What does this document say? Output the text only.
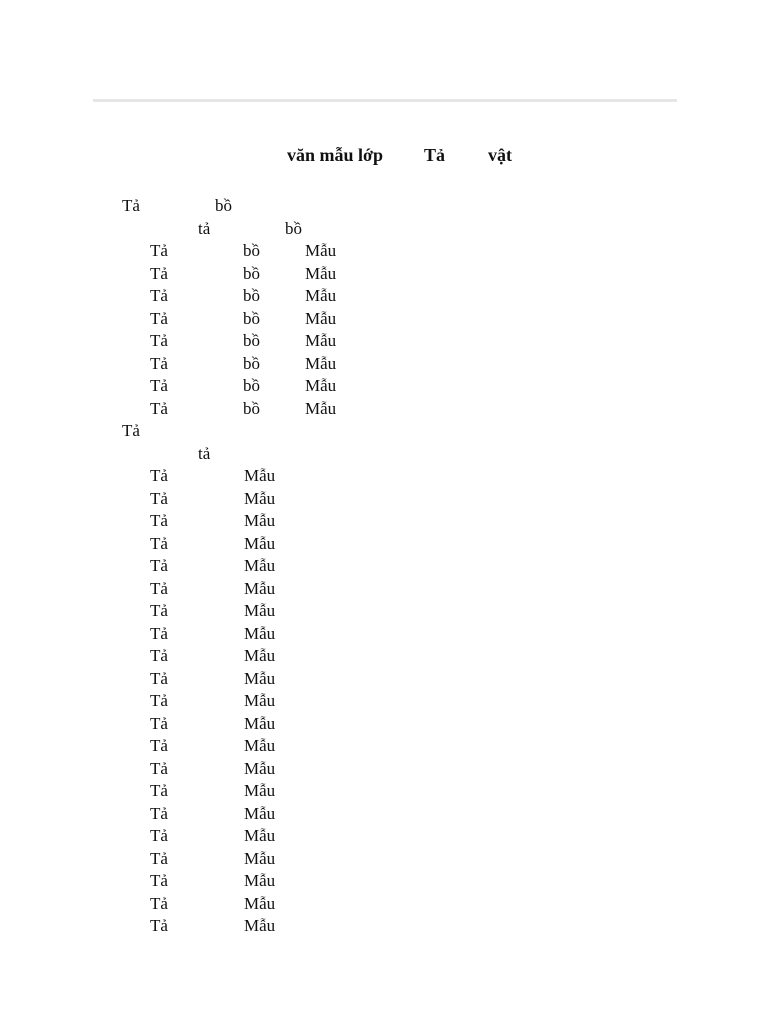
văn mẫu lớp Tả vật
Tả	bồ
tả	bồ
Tả	bồ	Mẫu
Tả	bồ	Mẫu
Tả	bồ	Mẫu
Tả	bồ	Mẫu
Tả	bồ	Mẫu
Tả	bồ	Mẫu
Tả	bồ	Mẫu
Tả	bồ	Mẫu
Tả
tả
Tả	Mẫu
Tả	Mẫu
Tả	Mẫu
Tả	Mẫu
Tả	Mẫu
Tả	Mẫu
Tả	Mẫu
Tả	Mẫu
Tả	Mẫu
Tả	Mẫu
Tả	Mẫu
Tả	Mẫu
Tả	Mẫu
Tả	Mẫu
Tả	Mẫu
Tả	Mẫu
Tả	Mẫu
Tả	Mẫu
Tả	Mẫu
Tả	Mẫu
Tả	Mẫu
